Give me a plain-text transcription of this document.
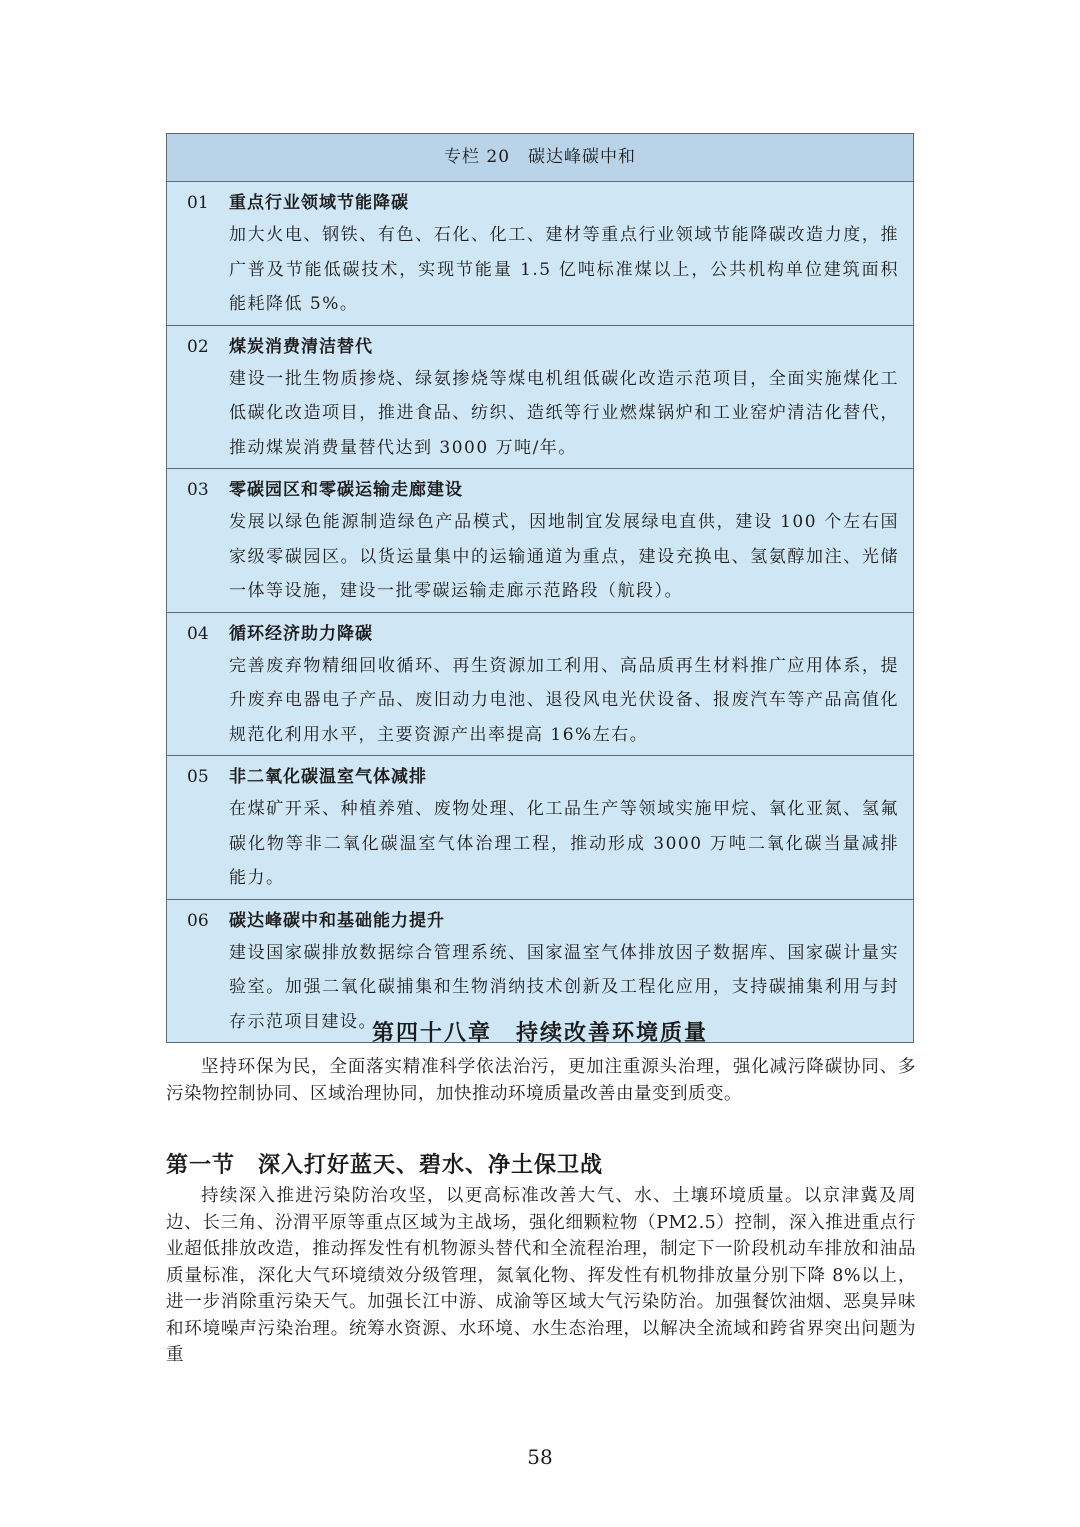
专栏 20　碳达峰碳中和
01 重点行业领域节能降碳
加大火电、钢铁、有色、石化、化工、建材等重点行业领域节能降碳改造力度，推广普及节能低碳技术，实现节能量 1.5 亿吨标准煤以上，公共机构单位建筑面积能耗降低 5%。
02 煤炭消费清洁替代
建设一批生物质掺烧、绿氨掺烧等煤电机组低碳化改造示范项目，全面实施煤化工低碳化改造项目，推进食品、纺织、造纸等行业燃煤锅炉和工业窑炉清洁化替代，推动煤炭消费量替代达到 3000 万吨/年。
03 零碳园区和零碳运输走廊建设
发展以绿色能源制造绿色产品模式，因地制宜发展绿电直供，建设 100 个左右国家级零碳园区。以货运量集中的运输通道为重点，建设充换电、氢氨醇加注、光储一体等设施，建设一批零碳运输走廊示范路段（航段）。
04 循环经济助力降碳
完善废弃物精细回收循环、再生资源加工利用、高品质再生材料推广应用体系，提升废弃电器电子产品、废旧动力电池、退役风电光伏设备、报废汽车等产品高值化规范化利用水平，主要资源产出率提高 16%左右。
05 非二氧化碳温室气体减排
在煤矿开采、种植养殖、废物处理、化工品生产等领域实施甲烷、氧化亚氮、氢氟碳化物等非二氧化碳温室气体治理工程，推动形成 3000 万吨二氧化碳当量减排能力。
06 碳达峰碳中和基础能力提升
建设国家碳排放数据综合管理系统、国家温室气体排放因子数据库、国家碳计量实验室。加强二氧化碳捕集和生物消纳技术创新及工程化应用，支持碳捕集利用与封存示范项目建设。
第四十八章　持续改善环境质量
坚持环保为民，全面落实精准科学依法治污，更加注重源头治理，强化减污降碳协同、多污染物控制协同、区域治理协同，加快推动环境质量改善由量变到质变。
第一节　深入打好蓝天、碧水、净土保卫战
持续深入推进污染防治攻坚，以更高标准改善大气、水、土壤环境质量。以京津冀及周边、长三角、汾渭平原等重点区域为主战场，强化细颗粒物（PM2.5）控制，深入推进重点行业超低排放改造，推动挥发性有机物源头替代和全流程治理，制定下一阶段机动车排放和油品质量标准，深化大气环境绩效分级管理，氮氧化物、挥发性有机物排放量分别下降 8%以上，进一步消除重污染天气。加强长江中游、成渝等区域大气污染防治。加强餐饮油烟、恶臭异味和环境噪声污染治理。统筹水资源、水环境、水生态治理，以解决全流域和跨省界突出问题为重
58
